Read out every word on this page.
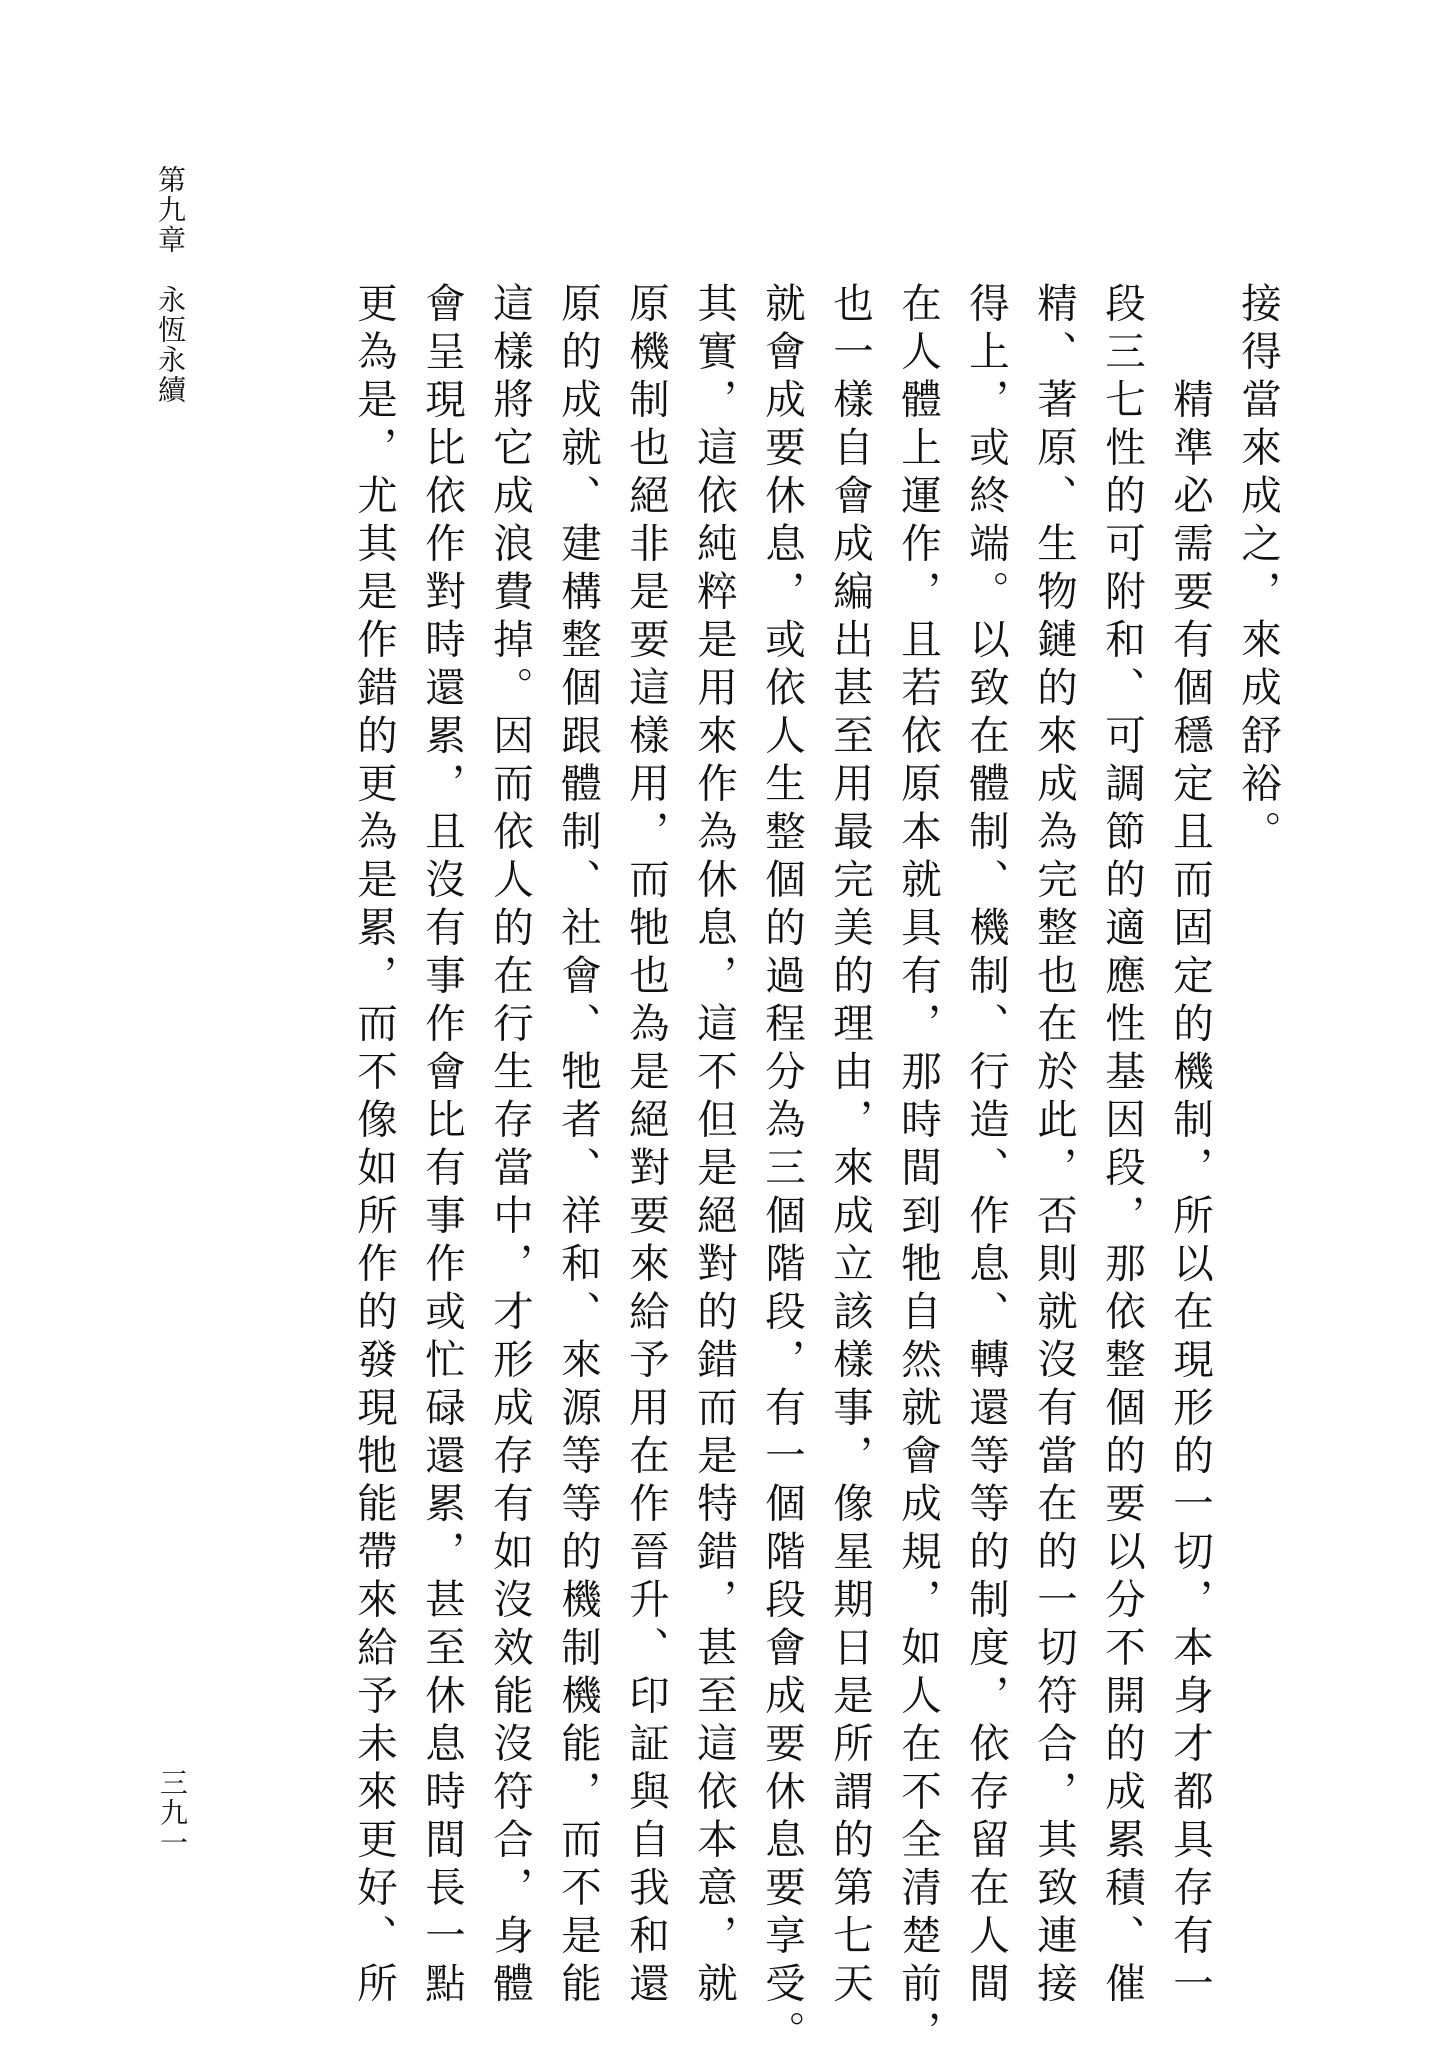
第九章　永恆永續
三九一
接得當來成之，來成舒裕。
精準必需要有個穩定且而固定的機制，所以在現形的一切，本身才都具存有一
段三七性的可附和、可調節的適應性基因段，那依整個的要以分不開的成累積、催
精、著原、生物鏈的來成為完整也在於此，否則就沒有當在的一切符合，其致連接
得上，或終端。以致在體制、機制、行造、作息、轉還等等的制度，依存留在人間
在人體上運作，且若依原本就具有，那時間到牠自然就會成規，如人在不全清楚前，
也一樣自會成編出甚至用最完美的理由，來成立該樣事，像星期日是所謂的第七天
就會成要休息，或依人生整個的過程分為三個階段，有一個階段會成要休息要享受。
其實，這依純粹是用來作為休息，這不但是絕對的錯而是特錯，甚至這依本意，就
原機制也絕非是要這樣用，而牠也為是絕對要來給予用在作晉升、印証與自我和還
原的成就、建構整個跟體制、社會、牠者、祥和、來源等等的機制機能，而不是能
這樣將它成浪費掉。因而依人的在行生存當中，才形成存有如沒效能沒符合，身體
會呈現比依作對時還累，且沒有事作會比有事作或忙碌還累，甚至休息時間長一點
更為是，尤其是作錯的更為是累，而不像如所作的發現牠能帶來給予未來更好、所
